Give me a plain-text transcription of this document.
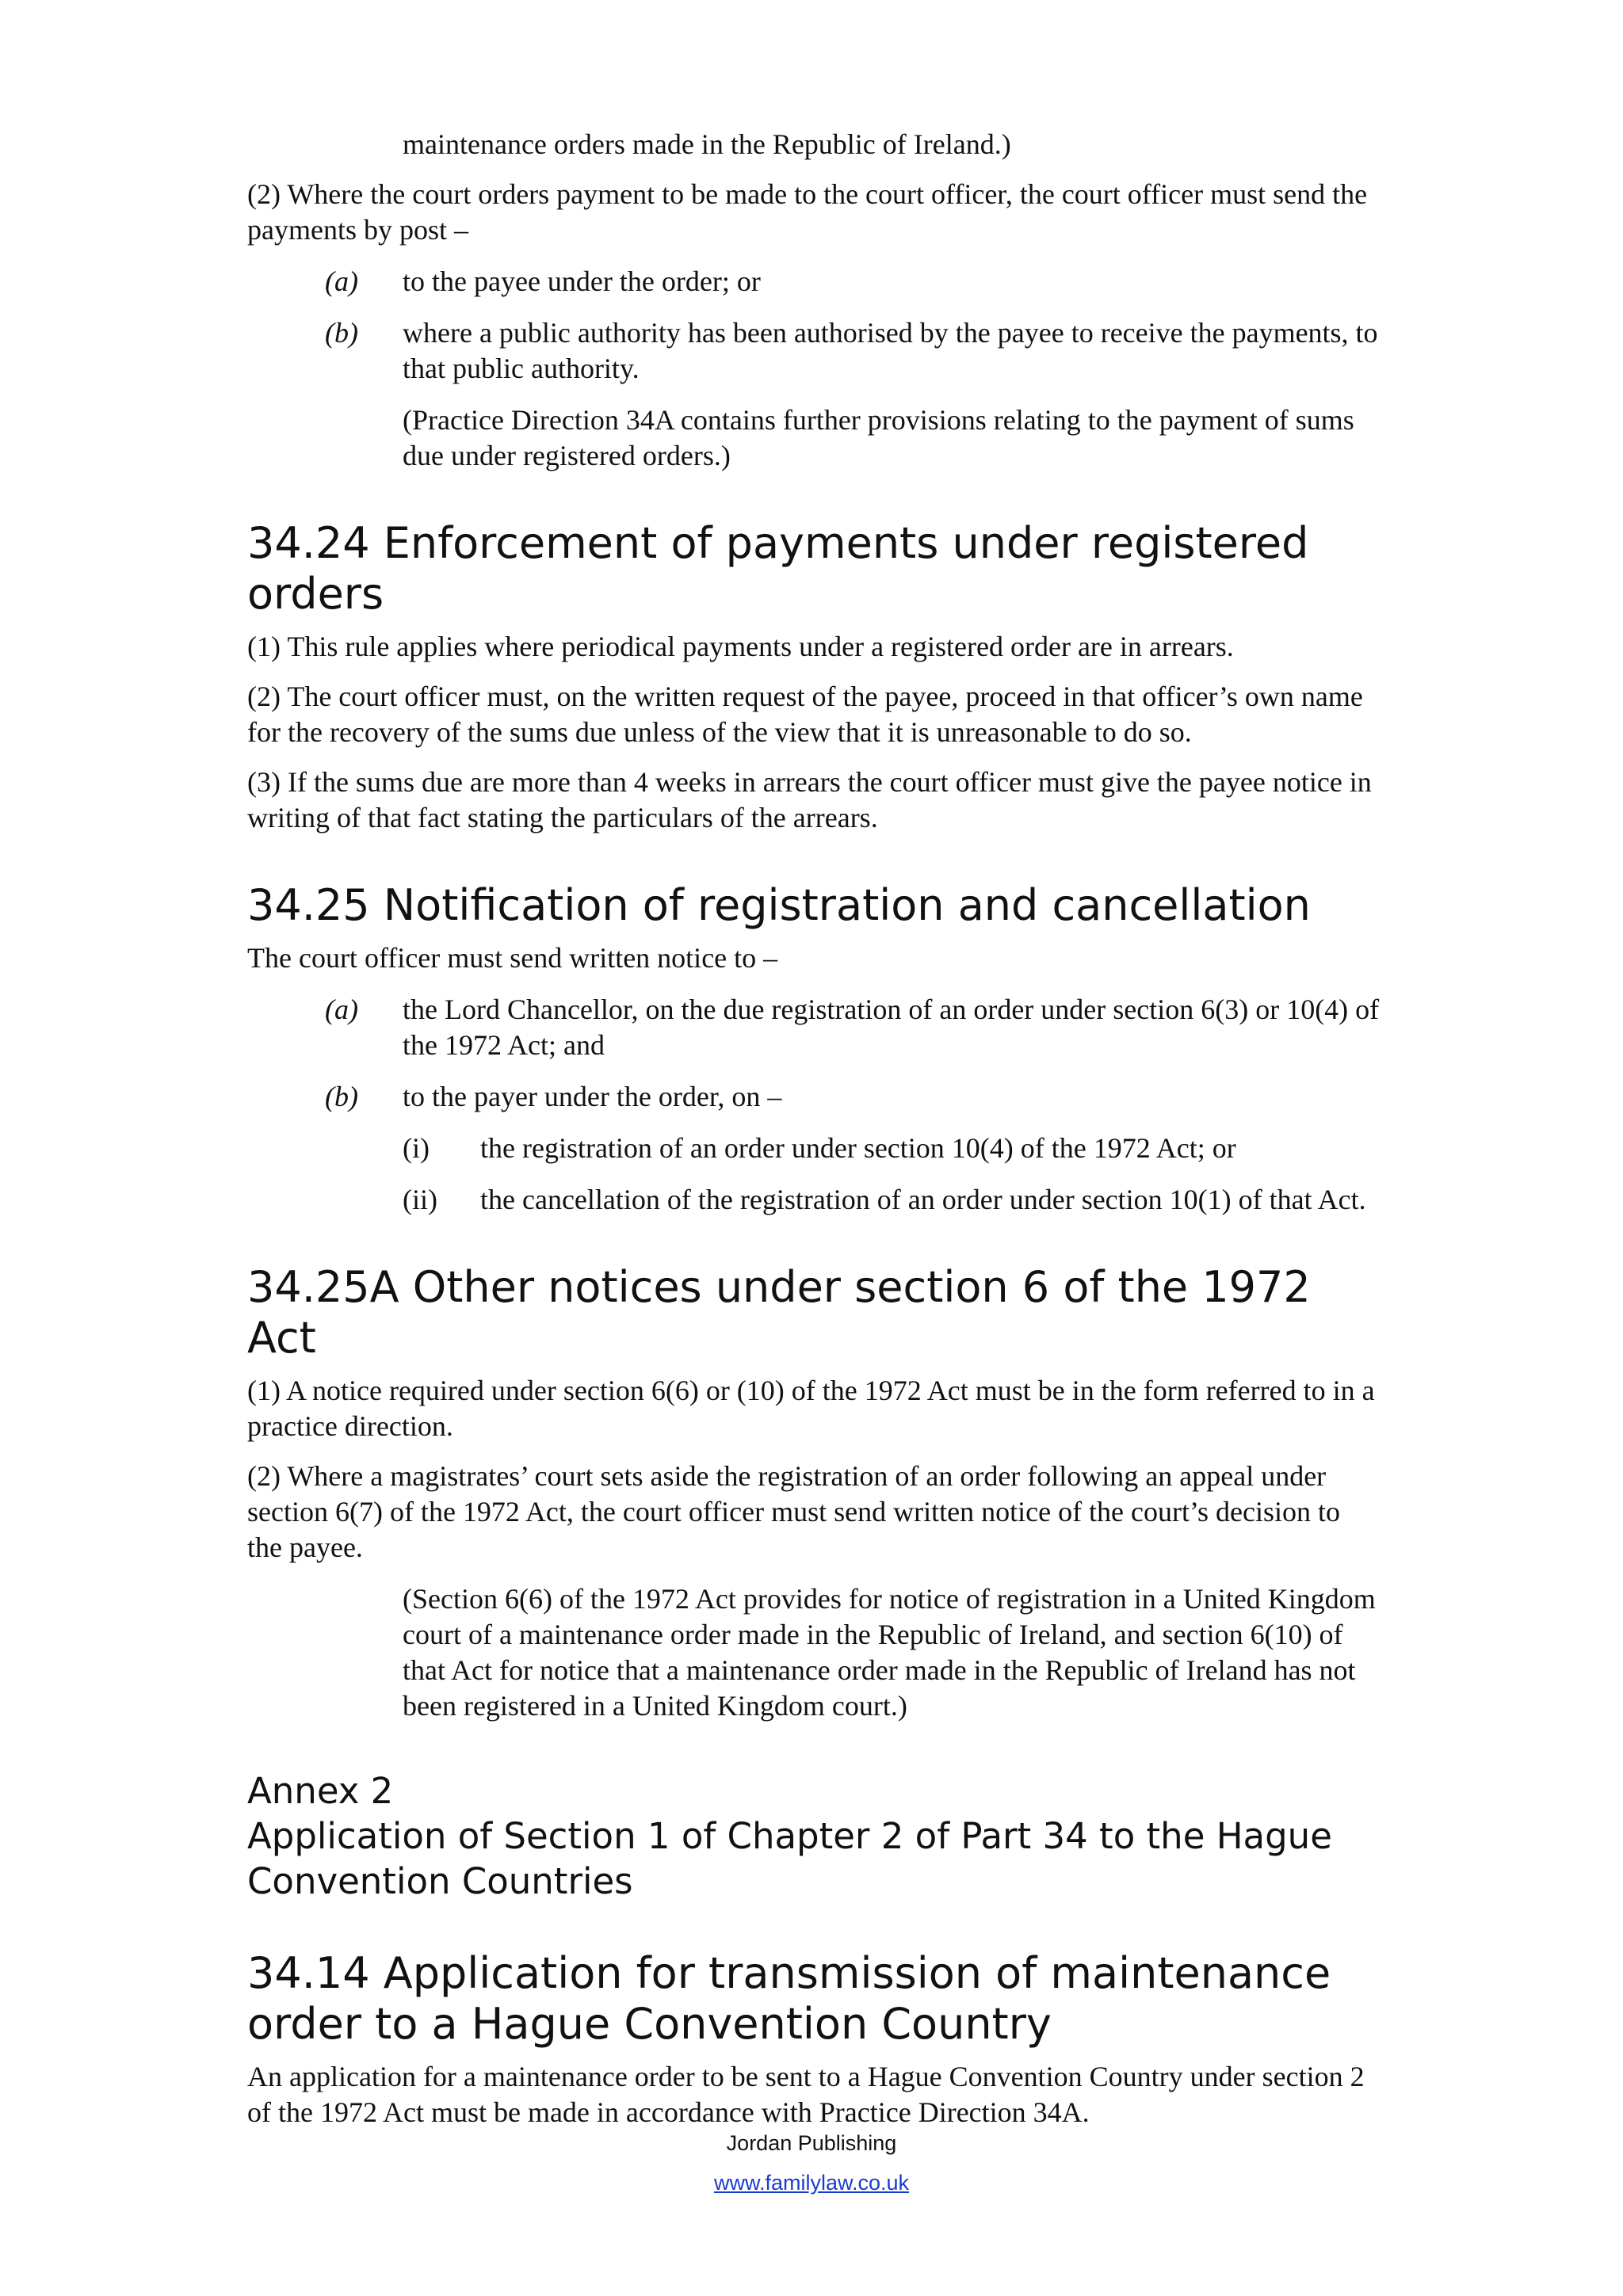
maintenance orders made in the Republic of Ireland.)

(2) Where the court orders payment to be made to the court officer, the court officer must send the payments by post –

(a)	to the payee under the order; or
(b)	where a public authority has been authorised by the payee to receive the payments, to that public authority.

(Practice Direction 34A contains further provisions relating to the payment of sums due under registered orders.)

34.24 Enforcement of payments under registered orders

(1) This rule applies where periodical payments under a registered order are in arrears.

(2) The court officer must, on the written request of the payee, proceed in that officer’s own name for the recovery of the sums due unless of the view that it is unreasonable to do so.

(3) If the sums due are more than 4 weeks in arrears the court officer must give the payee notice in writing of that fact stating the particulars of the arrears.

34.25 Notification of registration and cancellation

The court officer must send written notice to –

(a)	the Lord Chancellor, on the due registration of an order under section 6(3) or 10(4) of the 1972 Act; and
(b)	to the payer under the order, on –
(i)	the registration of an order under section 10(4) of the 1972 Act; or
(ii)	the cancellation of the registration of an order under section 10(1) of that Act.
34.25A Other notices under section 6 of the 1972 Act

(1) A notice required under section 6(6) or (10) of the 1972 Act must be in the form referred to in a practice direction.

(2) Where a magistrates’ court sets aside the registration of an order following an appeal under section 6(7) of the 1972 Act, the court officer must send written notice of the court’s decision to the payee.

(Section 6(6) of the 1972 Act provides for notice of registration in a United Kingdom court of a maintenance order made in the Republic of Ireland, and section 6(10) of that Act for notice that a maintenance order made in the Republic of Ireland has not been registered in a United Kingdom court.)

Annex 2
Application of Section 1 of Chapter 2 of Part 34 to the Hague Convention Countries
34.14 Application for transmission of maintenance order to a Hague Convention Country

An application for a maintenance order to be sent to a Hague Convention Country under section 2 of the 1972 Act must be made in accordance with Practice Direction 34A.

Jordan Publishing
www.familylaw.co.uk
